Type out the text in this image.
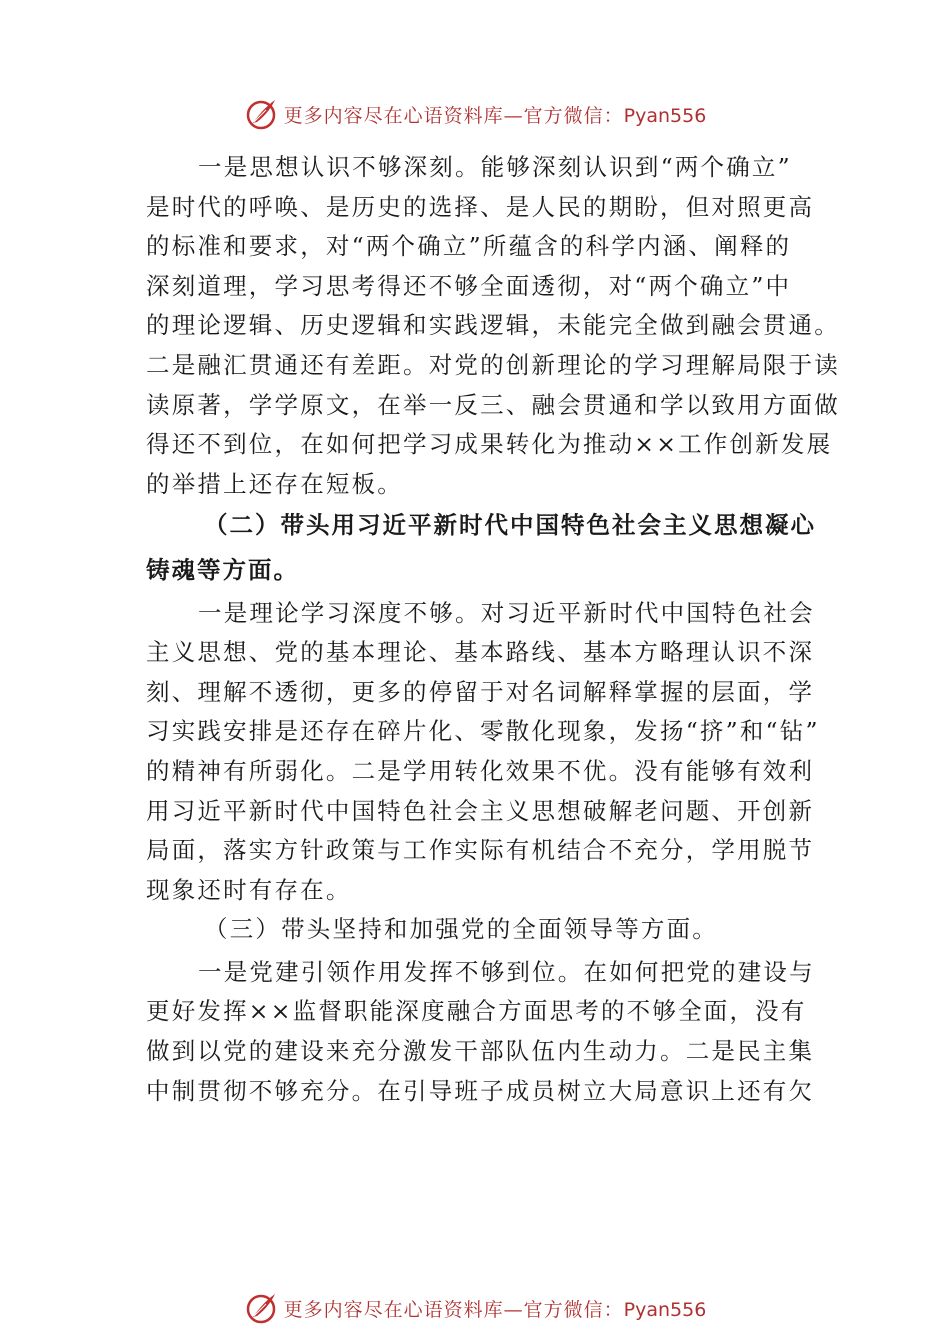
更多内容尽在心语资料库—官方微信：Pyan556
一是思想认识不够深刻。能够深刻认识到“两个确立”
是时代的呼唤、是历史的选择、是人民的期盼，但对照更高
的标准和要求，对“两个确立”所蕴含的科学内涵、阐释的
深刻道理，学习思考得还不够全面透彻，对“两个确立”中
的理论逻辑、历史逻辑和实践逻辑，未能完全做到融会贯通。
二是融汇贯通还有差距。对党的创新理论的学习理解局限于读
读原著，学学原文，在举一反三、融会贯通和学以致用方面做
得还不到位，在如何把学习成果转化为推动××工作创新发展
的举措上还存在短板。
（二）带头用习近平新时代中国特色社会主义思想凝心
铸魂等方面。
一是理论学习深度不够。对习近平新时代中国特色社会
主义思想、党的基本理论、基本路线、基本方略理认识不深
刻、理解不透彻，更多的停留于对名词解释掌握的层面，学
习实践安排是还存在碎片化、零散化现象，发扬“挤”和“钻”
的精神有所弱化。二是学用转化效果不优。没有能够有效利
用习近平新时代中国特色社会主义思想破解老问题、开创新
局面，落实方针政策与工作实际有机结合不充分，学用脱节
现象还时有存在。
（三）带头坚持和加强党的全面领导等方面。
一是党建引领作用发挥不够到位。在如何把党的建设与
更好发挥××监督职能深度融合方面思考的不够全面，没有
做到以党的建设来充分激发干部队伍内生动力。二是民主集
中制贯彻不够充分。在引导班子成员树立大局意识上还有欠
更多内容尽在心语资料库—官方微信：Pyan556
